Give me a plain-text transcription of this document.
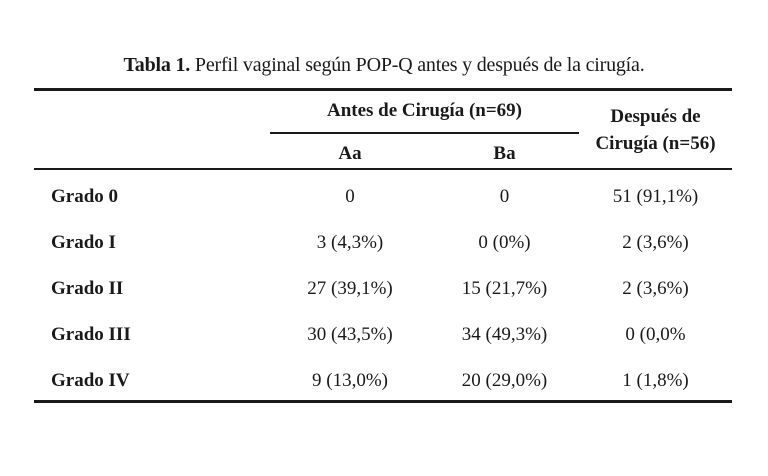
Tabla 1. Perfil vaginal según POP-Q antes y después de la cirugía.
Antes de Cirugía (n=69)
Aa	Ba
Después de
Cirugía (n=56)
Grado 0	0	0	51 (91,1%)
Grado I	3 (4,3%)	0 (0%)	2 (3,6%)
Grado II	27 (39,1%)	15 (21,7%)	2 (3,6%)
Grado III	30 (43,5%)	34 (49,3%)	0 (0,0%
Grado IV	9 (13,0%)	20 (29,0%)	1 (1,8%)
